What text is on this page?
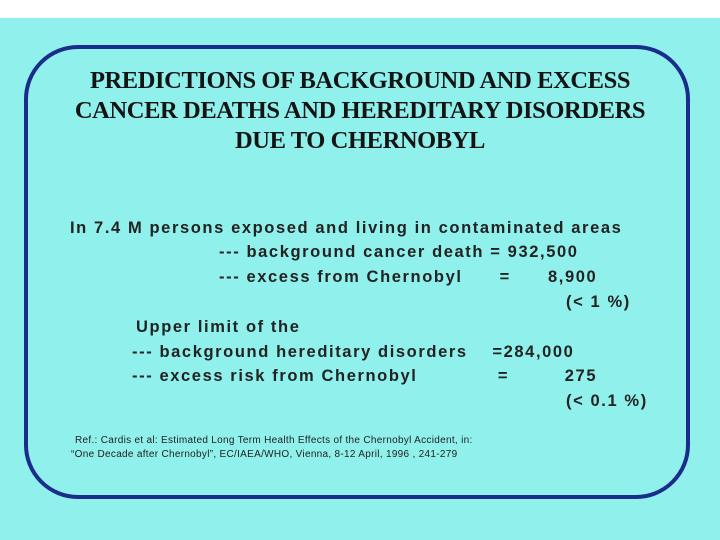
PREDICTIONS OF BACKGROUND AND EXCESS
CANCER DEATHS AND HEREDITARY DISORDERS
DUE TO CHERNOBYL

In 7.4 M persons exposed and living in contaminated areas

--- background cancer death = 932,500

--- excess from Chernobyl      =      8,900

(< 1 %)

Upper limit of the

--- background hereditary disorders    =284,000

--- excess risk from Chernobyl             =         275

(< 0.1 %)

Ref.: Cardis et al: Estimated Long Term Health Effects of the Chernobyl Accident, in:

“One Decade after Chernobyl”, EC/IAEA/WHO, Vienna, 8-12 April, 1996 , 241-279
